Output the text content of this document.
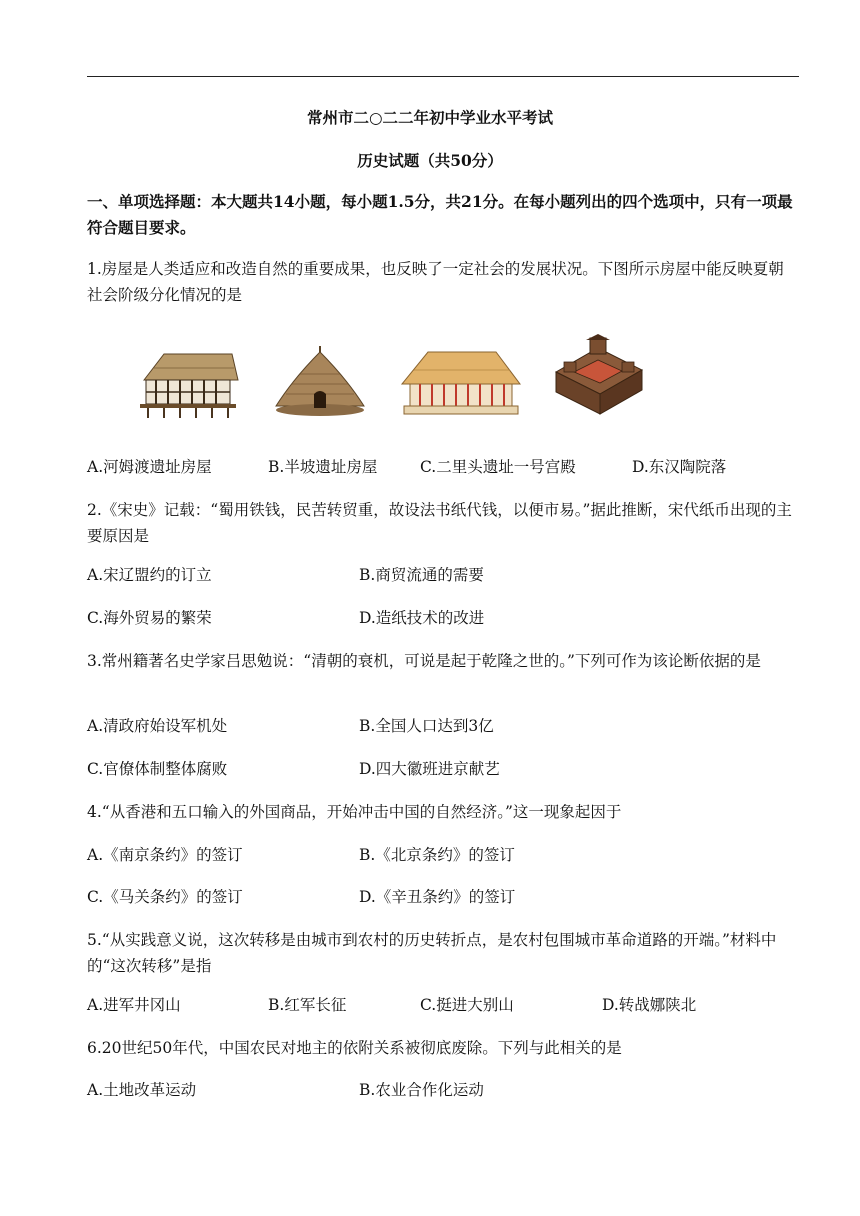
常州市二○二二年初中学业水平考试
历史试题（共50分）
一、单项选择题：本大题共14小题，每小题1.5分，共21分。在每小题列出的四个选项中，只有一项最符合题目要求。
1.房屋是人类适应和改造自然的重要成果，也反映了一定社会的发展状况。下图所示房屋中能反映夏朝社会阶级分化情况的是
A.河姆渡遗址房屋	B.半坡遗址房屋	C.二里头遗址一号宫殿	D.东汉陶院落
2.《宋史》记载：“蜀用铁钱，民苦转贸重，故设法书纸代钱，以便市易。”据此推断，宋代纸币出现的主要原因是
A.宋辽盟约的订立	B.商贸流通的需要
C.海外贸易的繁荣	D.造纸技术的改进
3.常州籍著名史学家吕思勉说：“清朝的衰机，可说是起于乾隆之世的。”下列可作为该论断依据的是
A.清政府始设军机处	B.全国人口达到3亿
C.官僚体制整体腐败	D.四大徽班进京献艺
4.“从香港和五口输入的外国商品，开始冲击中国的自然经济。”这一现象起因于
A.《南京条约》的签订	B.《北京条约》的签订
C.《马关条约》的签订	D.《辛丑条约》的签订
5.“从实践意义说，这次转移是由城市到农村的历史转折点，是农村包围城市革命道路的开端。”材料中的“这次转移”是指
A.进军井冈山	B.红军长征	C.挺进大别山	D.转战娜陕北
6.20世纪50年代，中国农民对地主的依附关系被彻底废除。下列与此相关的是
A.土地改革运动	B.农业合作化运动
